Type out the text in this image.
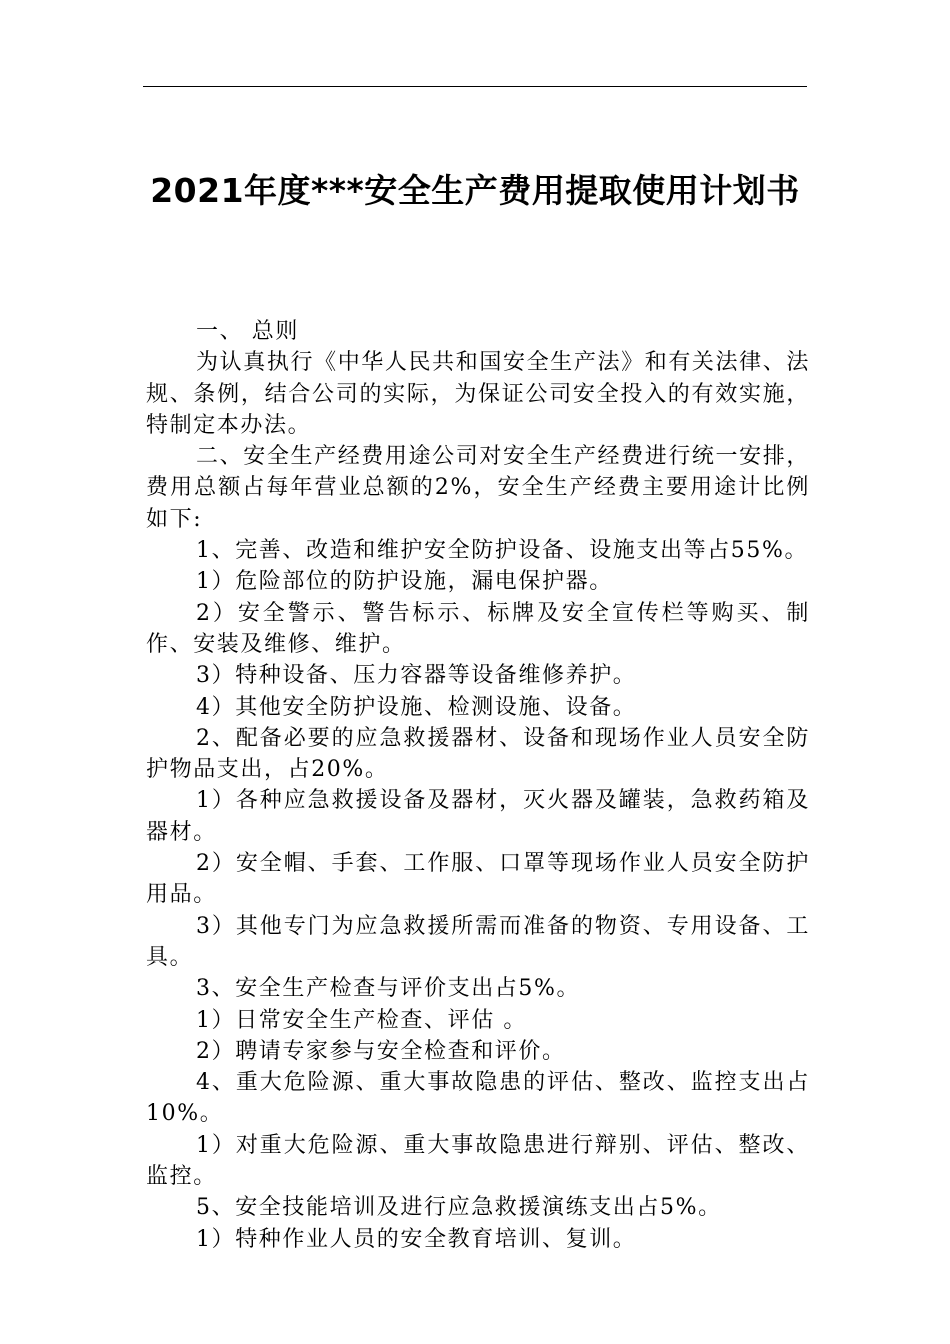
2021年度***安全生产费用提取使用计划书

一、 总则

为认真执行《中华人民共和国安全生产法》和有关法律、法规、条例，结合公司的实际，为保证公司安全投入的有效实施，特制定本办法。

二、安全生产经费用途公司对安全生产经费进行统一安排，费用总额占每年营业总额的2%，安全生产经费主要用途计比例如下:

1、完善、改造和维护安全防护设备、设施支出等占55%。

1）危险部位的防护设施，漏电保护器。

2）安全警示、警告标示、标牌及安全宣传栏等购买、制作、安装及维修、维护。

3）特种设备、压力容器等设备维修养护。

4）其他安全防护设施、检测设施、设备。

2、配备必要的应急救援器材、设备和现场作业人员安全防护物品支出，占20%。

1）各种应急救援设备及器材，灭火器及罐装，急救药箱及器材。

2）安全帽、手套、工作服、口罩等现场作业人员安全防护用品。

3）其他专门为应急救援所需而准备的物资、专用设备、工具。

3、安全生产检查与评价支出占5%。

1）日常安全生产检查、评估 。

2）聘请专家参与安全检查和评价。

4、重大危险源、重大事故隐患的评估、整改、监控支出占10%。

1）对重大危险源、重大事故隐患进行辩别、评估、整改、监控。

5、安全技能培训及进行应急救援演练支出占5%。

1）特种作业人员的安全教育培训、复训。
